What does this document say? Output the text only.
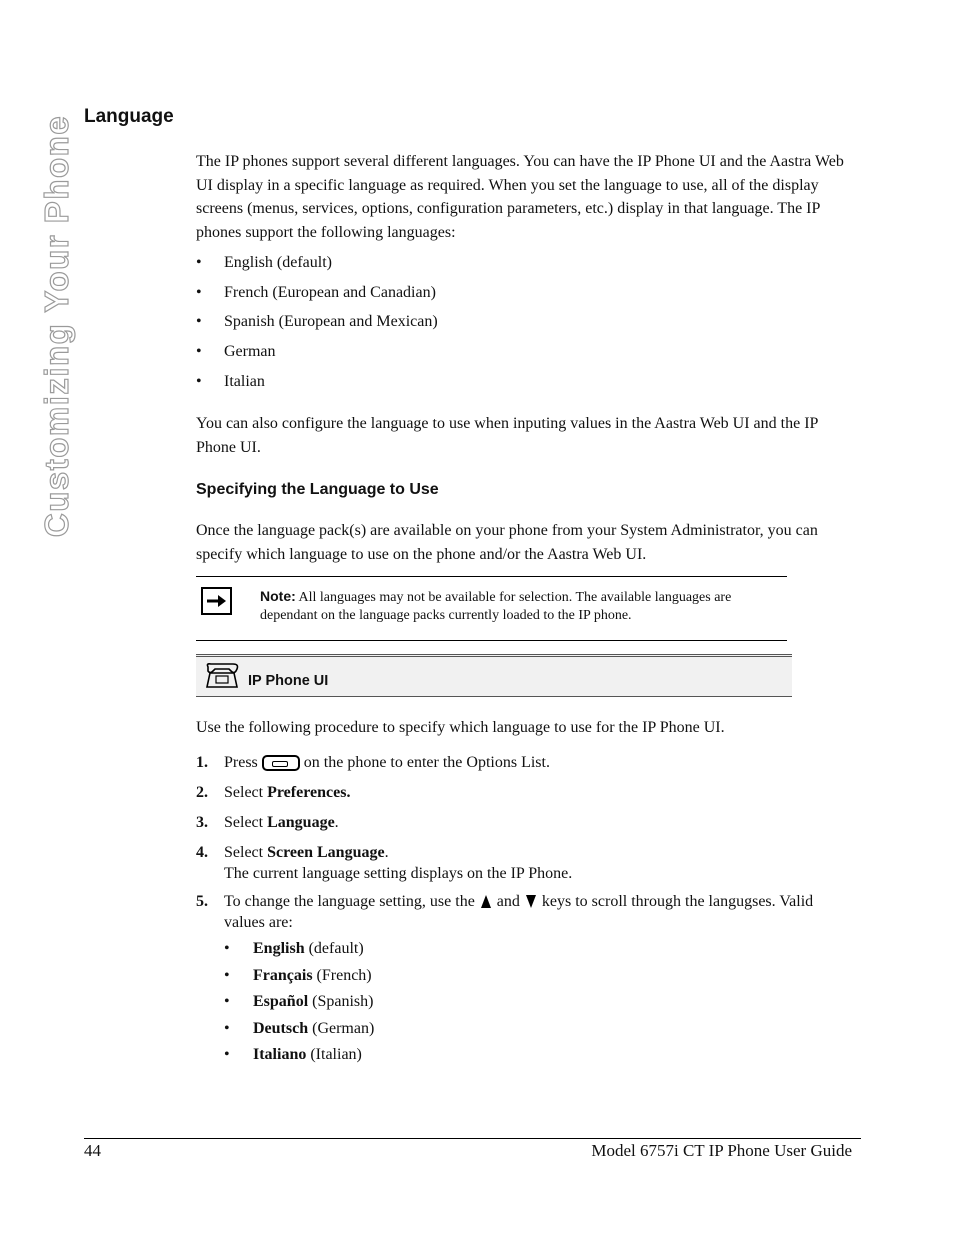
Customizing Your Phone Language
The IP phones support several different languages. You can have the IP Phone UI and the Aastra Web UI display in a specific language as required. When you set the language to use, all of the display screens (menus, services, options, configuration parameters, etc.) display in that language. The IP phones support the following languages:
• English (default)
• French (European and Canadian)
• Spanish (European and Mexican)
• German
• Italian
You can also configure the language to use when inputing values in the Aastra Web UI and the IP Phone UI.
Specifying the Language to Use
Once the language pack(s) are available on your phone from your System Administrator, you can specify which language to use on the phone and/or the Aastra Web UI.
Note: All languages may not be available for selection. The available languages are dependant on the language packs currently loaded to the IP phone.
IP Phone UI
Use the following procedure to specify which language to use for the IP Phone UI.
1. Press	on the phone to enter the Options List.
2. Select Preferences.
3. Select Language.
4. Select Screen Language.
The current language setting displays on the IP Phone.
5. To change the language setting, use the and keys to scroll through the langugses. Valid values are:
• English (default)
• Français (French)
• Español (Spanish)
• Deutsch (German)
• Italiano (Italian)
44	Model 6757i CT IP Phone User Guide
